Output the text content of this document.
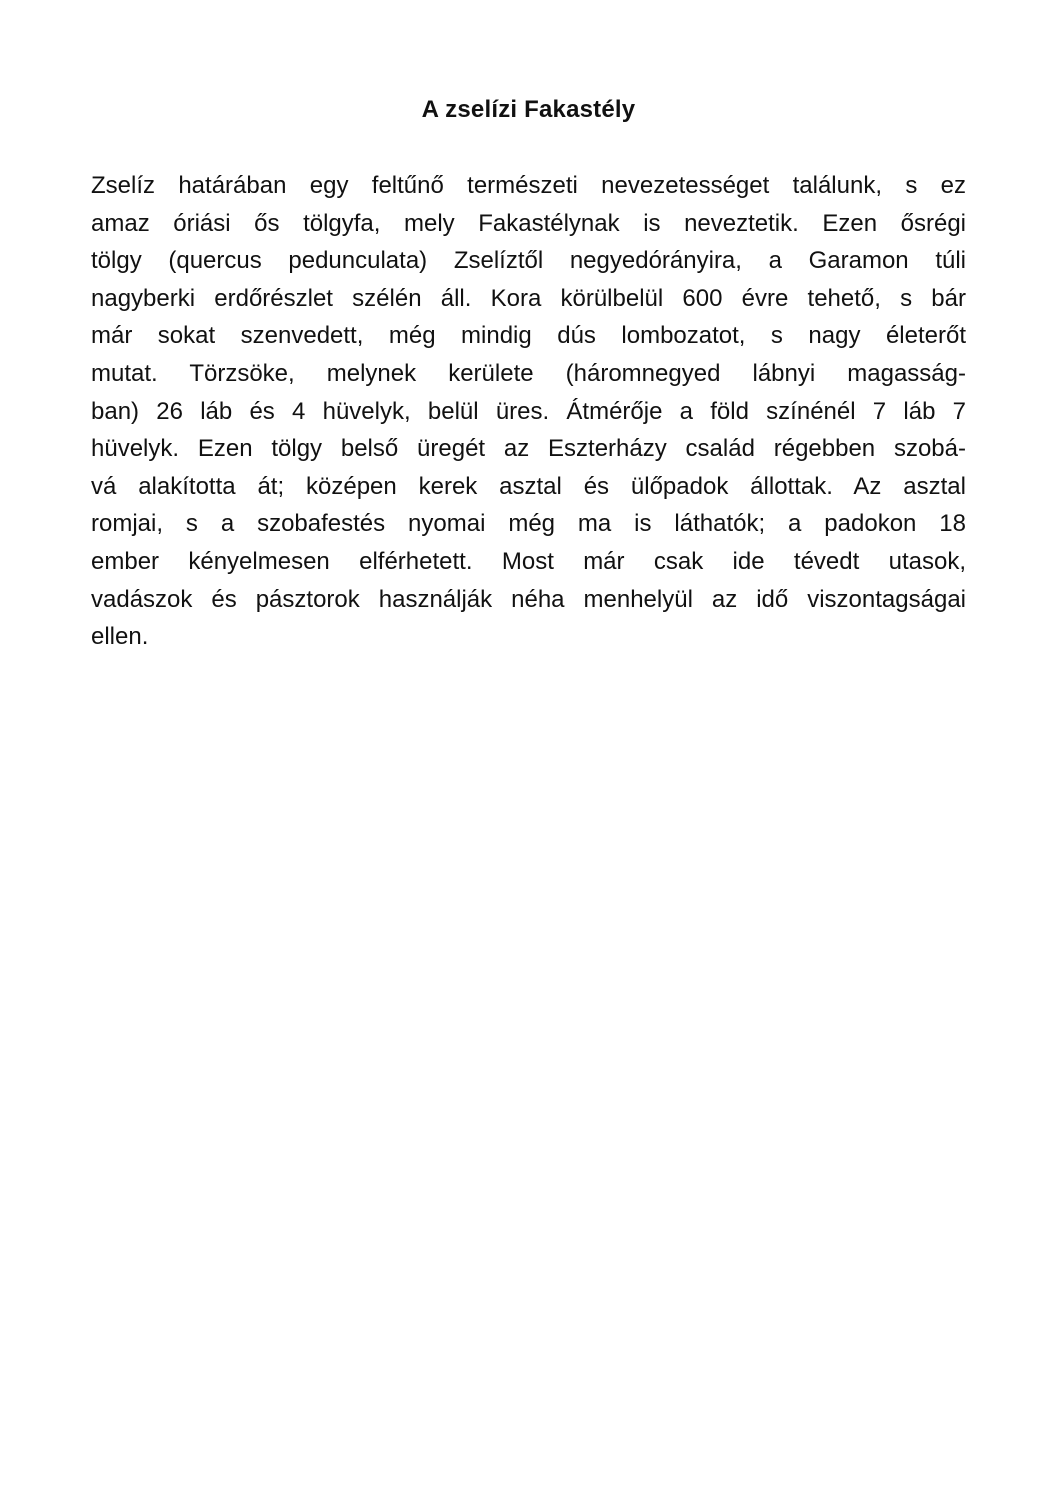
A zselízi Fakastély
Zselíz határában egy feltűnő természeti nevezetességet találunk, s ez
amaz óriási ős tölgyfa, mely Fakastélynak is neveztetik. Ezen ősrégi
tölgy (quercus pedunculata) Zselíztől negyedórányira, a Garamon túli
nagyberki erdőrészlet szélén áll. Kora körülbelül 600 évre tehető, s bár
már sokat szenvedett, még mindig dús lombozatot, s nagy életerőt
mutat. Törzsöke, melynek kerülete (háromnegyed lábnyi magasság-
ban) 26 láb és 4 hüvelyk, belül üres. Átmérője a föld színénél 7 láb 7
hüvelyk. Ezen tölgy belső üregét az Eszterházy család régebben szobá-
vá alakította át; középen kerek asztal és ülőpadok állottak. Az asztal
romjai, s a szobafestés nyomai még ma is láthatók; a padokon 18
ember kényelmesen elférhetett. Most már csak ide tévedt utasok,
vadászok és pásztorok használják néha menhelyül az idő viszontagságai
ellen.
